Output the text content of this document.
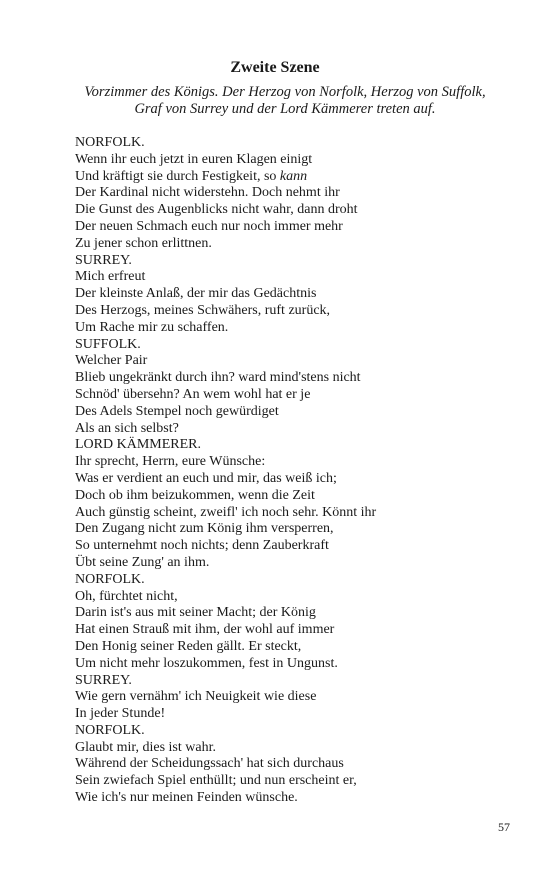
Zweite Szene
Vorzimmer des Königs. Der Herzog von Norfolk, Herzog von Suffolk,
Graf von Surrey und der Lord Kämmerer treten auf.
NORFOLK.
Wenn ihr euch jetzt in euren Klagen einigt
Und kräftigt sie durch Festigkeit, so kann
Der Kardinal nicht widerstehn. Doch nehmt ihr
Die Gunst des Augenblicks nicht wahr, dann droht
Der neuen Schmach euch nur noch immer mehr
Zu jener schon erlittnen.
SURREY.
Mich erfreut
Der kleinste Anlaß, der mir das Gedächtnis
Des Herzogs, meines Schwähers, ruft zurück,
Um Rache mir zu schaffen.
SUFFOLK.
Welcher Pair
Blieb ungekränkt durch ihn? ward mind'stens nicht
Schnöd' übersehn? An wem wohl hat er je
Des Adels Stempel noch gewürdiget
Als an sich selbst?
LORD KÄMMERER.
Ihr sprecht, Herrn, eure Wünsche:
Was er verdient an euch und mir, das weiß ich;
Doch ob ihm beizukommen, wenn die Zeit
Auch günstig scheint, zweifl' ich noch sehr. Könnt ihr
Den Zugang nicht zum König ihm versperren,
So unternehmt noch nichts; denn Zauberkraft
Übt seine Zung' an ihm.
NORFOLK.
Oh, fürchtet nicht,
Darin ist's aus mit seiner Macht; der König
Hat einen Strauß mit ihm, der wohl auf immer
Den Honig seiner Reden gällt. Er steckt,
Um nicht mehr loszukommen, fest in Ungunst.
SURREY.
Wie gern vernähm' ich Neuigkeit wie diese
In jeder Stunde!
NORFOLK.
Glaubt mir, dies ist wahr.
Während der Scheidungssach' hat sich durchaus
Sein zwiefach Spiel enthüllt; und nun erscheint er,
Wie ich's nur meinen Feinden wünsche.
57
